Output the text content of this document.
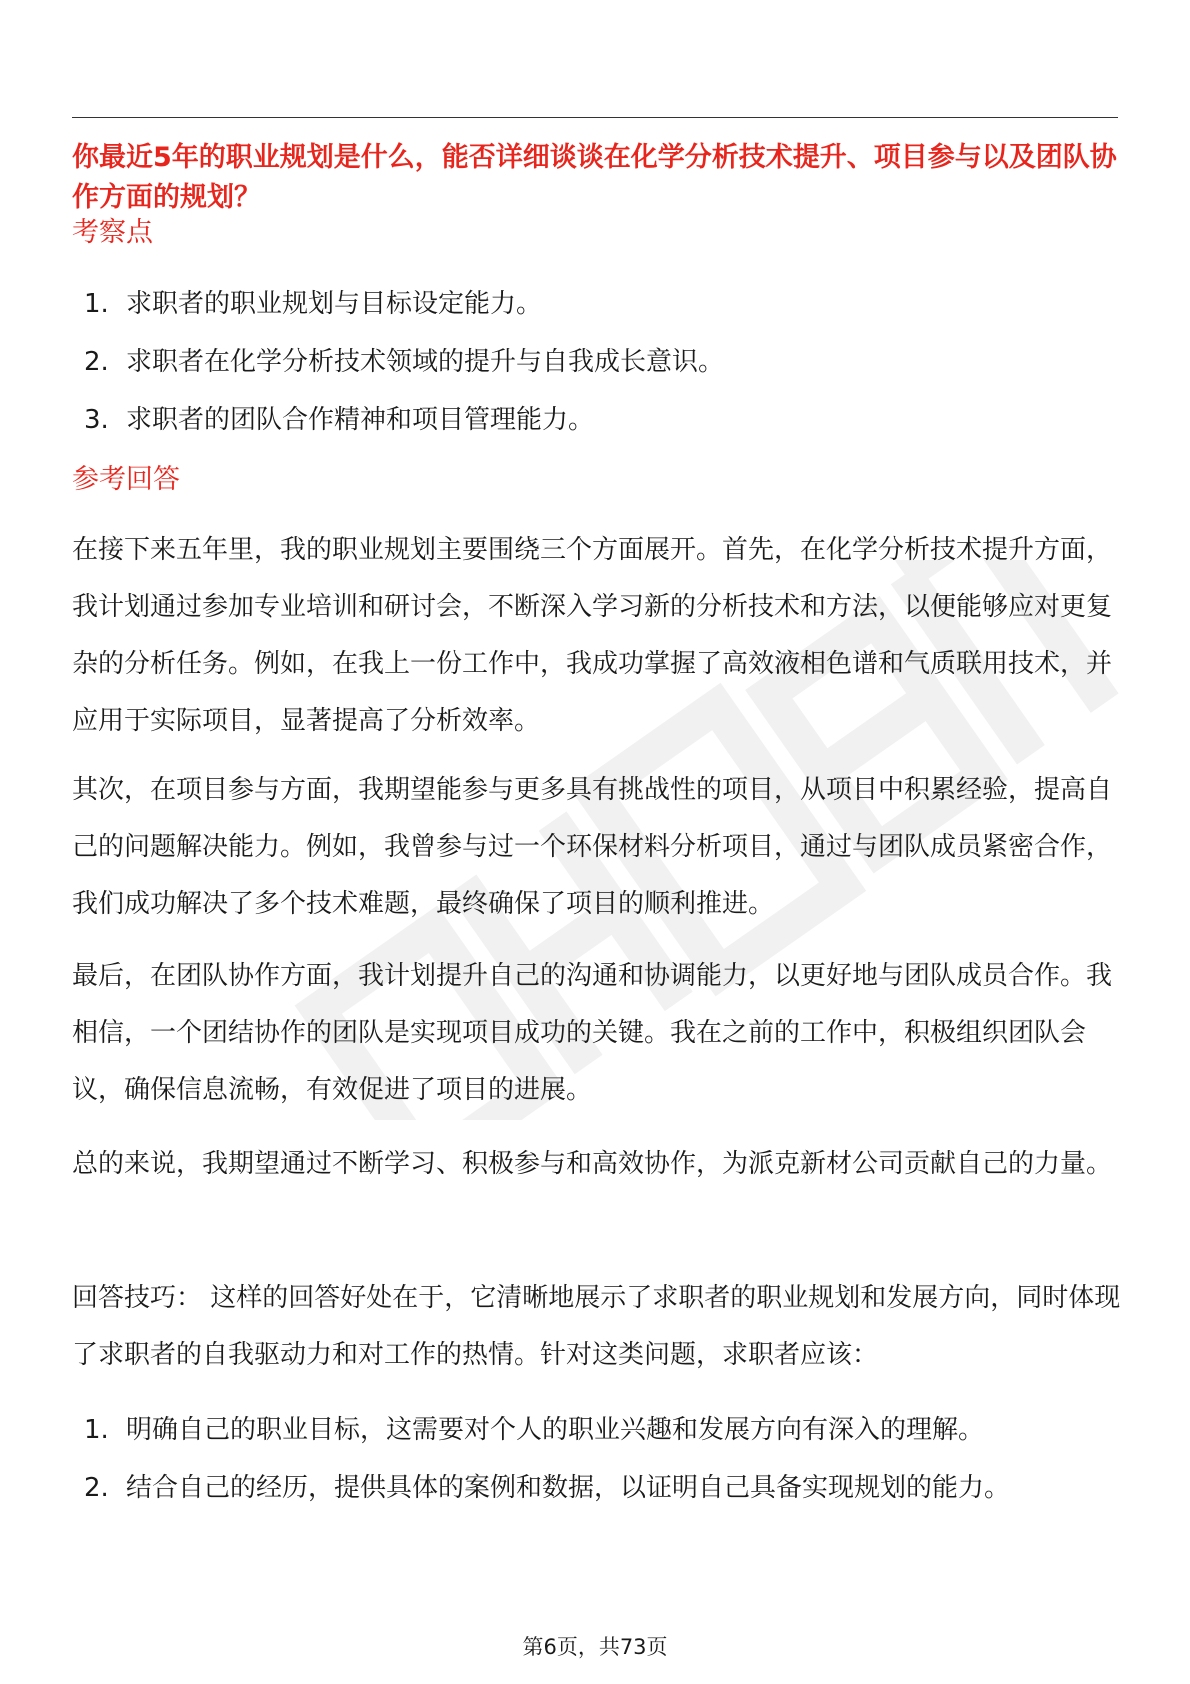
你最近5年的职业规划是什么，能否详细谈谈在化学分析技术提升、项目参与以及团队协作方面的规划？
考察点
1. 求职者的职业规划与目标设定能力。
2. 求职者在化学分析技术领域的提升与自我成长意识。
3. 求职者的团队合作精神和项目管理能力。
参考回答

在接下来五年里，我的职业规划主要围绕三个方面展开。首先，在化学分析技术提升方面，我计划通过参加专业培训和研讨会，不断深入学习新的分析技术和方法，以便能够应对更复杂的分析任务。例如，在我上一份工作中，我成功掌握了高效液相色谱和气质联用技术，并应用于实际项目，显著提高了分析效率。

其次，在项目参与方面，我期望能参与更多具有挑战性的项目，从项目中积累经验，提高自己的问题解决能力。例如，我曾参与过一个环保材料分析项目，通过与团队成员紧密合作，我们成功解决了多个技术难题，最终确保了项目的顺利推进。

最后，在团队协作方面，我计划提升自己的沟通和协调能力，以更好地与团队成员合作。我相信，一个团结协作的团队是实现项目成功的关键。我在之前的工作中，积极组织团队会议，确保信息流畅，有效促进了项目的进展。

总的来说，我期望通过不断学习、积极参与和高效协作，为派克新材公司贡献自己的力量。

回答技巧： 这样的回答好处在于，它清晰地展示了求职者的职业规划和发展方向，同时体现了求职者的自我驱动力和对工作的热情。针对这类问题，求职者应该：

1. 明确自己的职业目标，这需要对个人的职业兴趣和发展方向有深入的理解。
2. 结合自己的经历，提供具体的案例和数据，以证明自己具备实现规划的能力。
第6页，共73页
